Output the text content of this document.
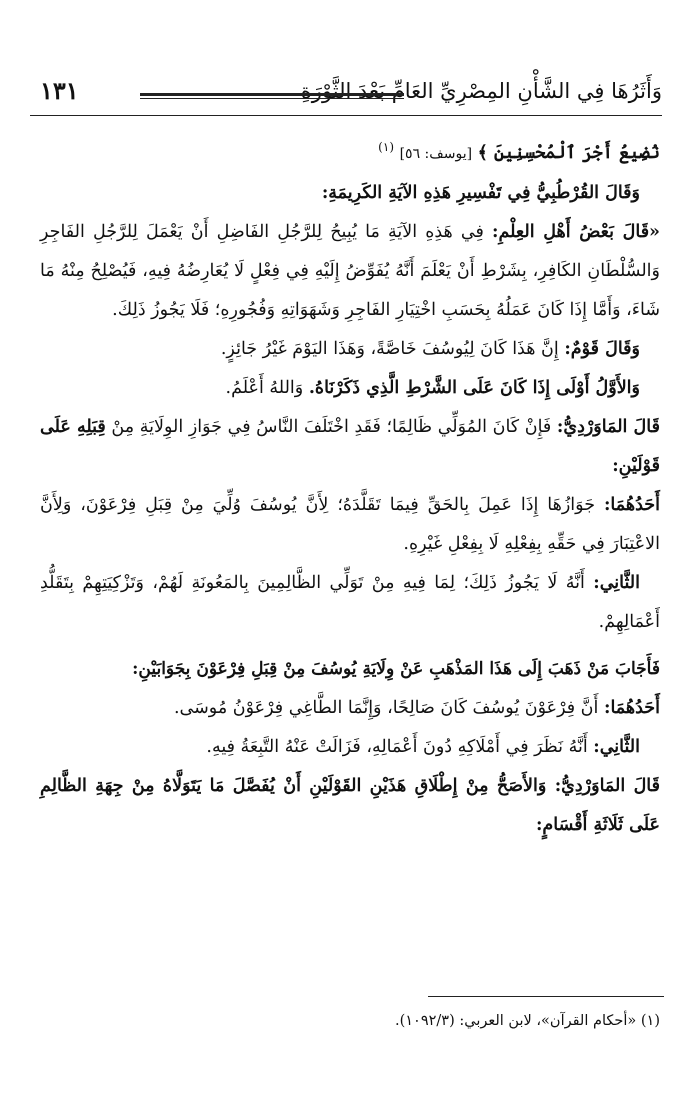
وَأَثَرُهَا فِي الشَّأْنِ المِصْرِيِّ العَامِّ بَعْدَ الثَّوْرَةِ
١٣١

نُضِيعُ أَجْرَ ٱلْمُحْسِنِينَ ﴾ [يوسف: ٥٦] $^{(١)}$

وَقَالَ القُرْطُبِيُّ فِي تَفْسِيرِ هَذِهِ الآيَةِ الكَرِيمَةِ:

«قَالَ بَعْضُ أَهْلِ العِلْمِ: فِي هَذِهِ الآيَةِ مَا يُبِيحُ لِلرَّجُلِ الفَاضِلِ أَنْ يَعْمَلَ لِلرَّجُلِ الفَاجِرِ وَالسُّلْطَانِ الكَافِرِ، بِشَرْطِ أَنْ يَعْلَمَ أَنَّهُ يُفَوِّضُ إِلَيْهِ فِي فِعْلٍ لَا يُعَارِضُهُ فِيهِ، فَيُصْلِحُ مِنْهُ مَا شَاءَ، وَأَمَّا إِذَا كَانَ عَمَلُهُ بِحَسَبِ اخْتِيَارِ الفَاجِرِ وَشَهَوَاتِهِ وَفُجُورِهِ؛ فَلَا يَجُوزُ ذَلِكَ.

وَقَالَ قَوْمٌ: إِنَّ هَذَا كَانَ لِيُوسُفَ خَاصَّةً، وَهَذَا اليَوْمَ غَيْرُ جَائِزٍ.

وَالأَوَّلُ أَوْلَى إِذَا كَانَ عَلَى الشَّرْطِ الَّذِي ذَكَرْنَاهُ. وَاللهُ أَعْلَمُ.

قَالَ المَاوَرْدِيُّ: فَإِنْ كَانَ المُوَلِّي ظَالِمًا؛ فَقَدِ اخْتَلَفَ النَّاسُ فِي جَوَازِ الوِلَايَةِ مِنْ قِبَلِهِ عَلَى قَوْلَيْنِ:

أَحَدُهُمَا: جَوَازُهَا إِذَا عَمِلَ بِالحَقِّ فِيمَا تَقَلَّدَهُ؛ لِأَنَّ يُوسُفَ وُلِّيَ مِنْ قِبَلِ فِرْعَوْنَ، وَلِأَنَّ الاعْتِبَارَ فِي حَقِّهِ بِفِعْلِهِ لَا بِفِعْلِ غَيْرِهِ.

الثَّانِي: أَنَّهُ لَا يَجُوزُ ذَلِكَ؛ لِمَا فِيهِ مِنْ تَوَلِّي الظَّالِمِينَ بِالمَعُونَةِ لَهُمْ، وَتَزْكِيَتِهِمْ بِتَقَلُّدِ أَعْمَالِهِمْ.

فَأَجَابَ مَنْ ذَهَبَ إِلَى هَذَا المَذْهَبِ عَنْ وِلَايَةِ يُوسُفَ مِنْ قِبَلِ فِرْعَوْنَ بِجَوَابَيْنِ:

أَحَدُهُمَا: أَنَّ فِرْعَوْنَ يُوسُفَ كَانَ صَالِحًا، وَإِنَّمَا الطَّاغِي فِرْعَوْنُ مُوسَى.

الثَّانِي: أَنَّهُ نَظَرَ فِي أَمْلَاكِهِ دُونَ أَعْمَالِهِ، فَزَالَتْ عَنْهُ التَّبِعَةُ فِيهِ.

قَالَ المَاوَرْدِيُّ: وَالأَصَحُّ مِنْ إِطْلَاقِ هَذَيْنِ القَوْلَيْنِ أَنْ يُفَصَّلَ مَا يَتَوَلَّاهُ مِنْ جِهَةِ الظَّالِمِ عَلَى ثَلَاثَةِ أَقْسَامٍ:

(١) «أحكام القرآن»، لابن العربي: (١٠٩٢/٣).
